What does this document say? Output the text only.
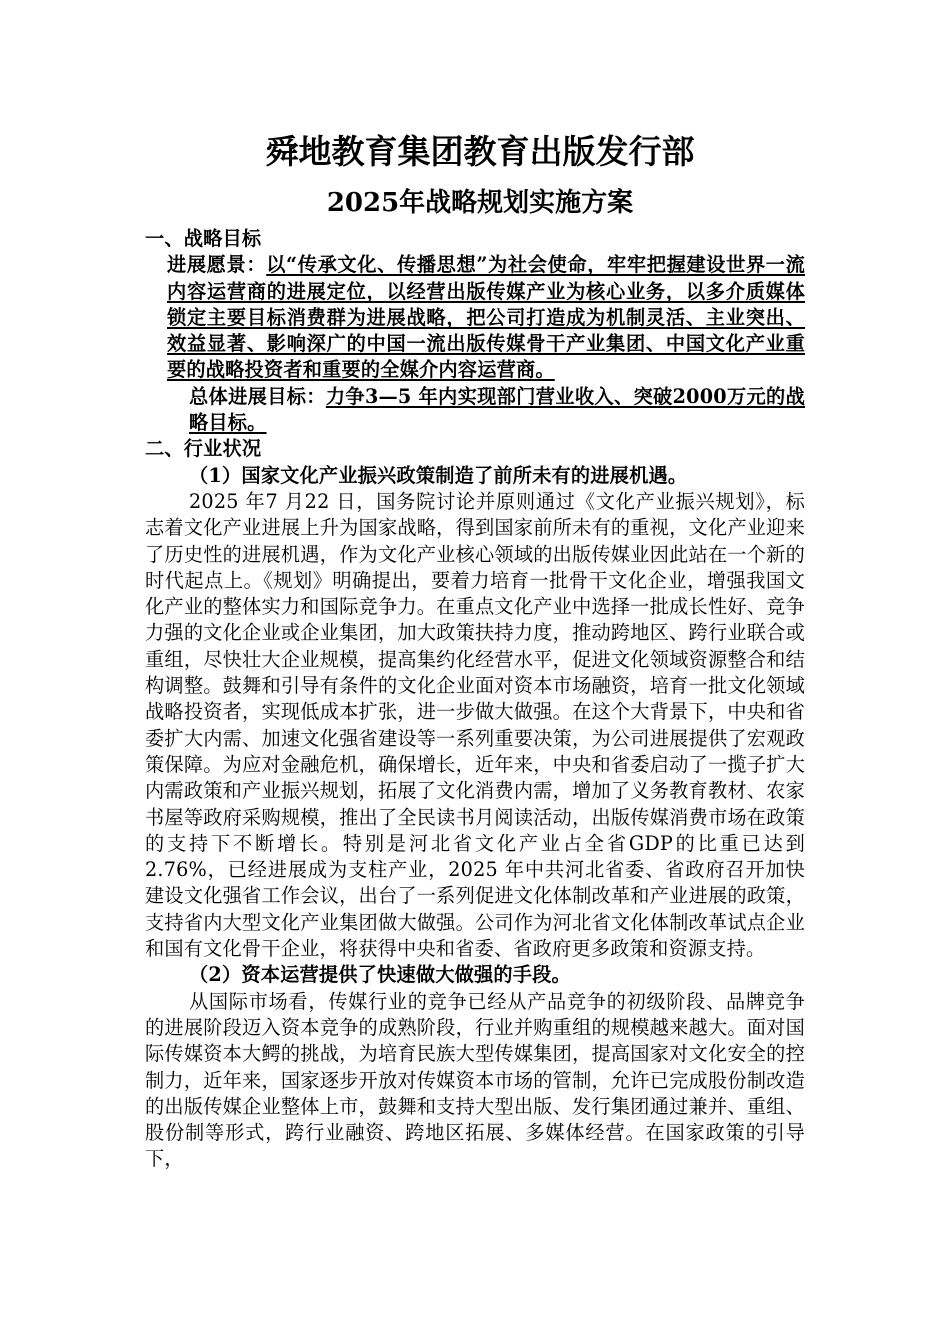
舜地教育集团教育出版发行部
2025年战略规划实施方案

一、战略目标

进展愿景：以“传承文化、传播思想”为社会使命，牢牢把握建设世界一流内容运营商的进展定位，以经营出版传媒产业为核心业务，以多介质媒体锁定主要目标消费群为进展战略，把公司打造成为机制灵活、主业突出、效益显著、影响深广的中国一流出版传媒骨干产业集团、中国文化产业重要的战略投资者和重要的全媒介内容运营商。

总体进展目标：力争3—5 年内实现部门营业收入、突破2000万元的战略目标。

二、行业状况

（1）国家文化产业振兴政策制造了前所未有的进展机遇。

2025 年7 月22 日，国务院讨论并原则通过《文化产业振兴规划》，标志着文化产业进展上升为国家战略，得到国家前所未有的重视，文化产业迎来了历史性的进展机遇，作为文化产业核心领域的出版传媒业因此站在一个新的时代起点上。《规划》明确提出，要着力培育一批骨干文化企业，增强我国文化产业的整体实力和国际竞争力。在重点文化产业中选择一批成长性好、竞争力强的文化企业或企业集团，加大政策扶持力度，推动跨地区、跨行业联合或重组，尽快壮大企业规模，提高集约化经营水平，促进文化领域资源整合和结构调整。鼓舞和引导有条件的文化企业面对资本市场融资，培育一批文化领域战略投资者，实现低成本扩张，进一步做大做强。在这个大背景下，中央和省委扩大内需、加速文化强省建设等一系列重要决策，为公司进展提供了宏观政策保障。为应对金融危机，确保增长，近年来，中央和省委启动了一揽子扩大内需政策和产业振兴规划，拓展了文化消费内需，增加了义务教育教材、农家书屋等政府采购规模，推出了全民读书月阅读活动，出版传媒消费市场在政策的支持下不断增长。特别是河北省文化产业占全省GDP的比重已达到2.76%，已经进展成为支柱产业，2025 年中共河北省委、省政府召开加快建设文化强省工作会议，出台了一系列促进文化体制改革和产业进展的政策，支持省内大型文化产业集团做大做强。公司作为河北省文化体制改革试点企业和国有文化骨干企业，将获得中央和省委、省政府更多政策和资源支持。

（2）资本运营提供了快速做大做强的手段。

从国际市场看，传媒行业的竞争已经从产品竞争的初级阶段、品牌竞争的进展阶段迈入资本竞争的成熟阶段，行业并购重组的规模越来越大。面对国际传媒资本大鳄的挑战，为培育民族大型传媒集团，提高国家对文化安全的控制力，近年来，国家逐步开放对传媒资本市场的管制，允许已完成股份制改造的出版传媒企业整体上市，鼓舞和支持大型出版、发行集团通过兼并、重组、股份制等形式，跨行业融资、跨地区拓展、多媒体经营。在国家政策的引导下，
